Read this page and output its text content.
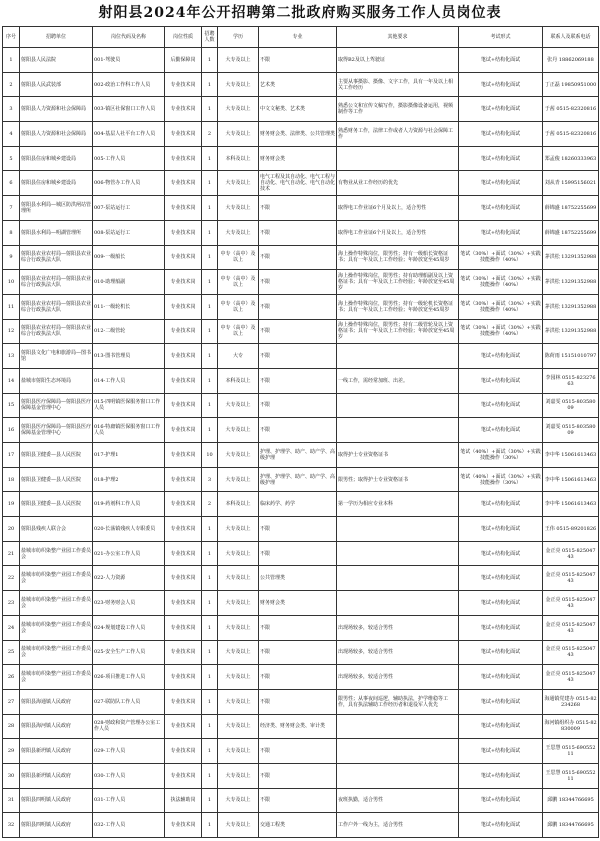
射阳县2024年公开招聘第二批政府购买服务工作人员岗位表
序号	招聘单位	岗位代码及名称	岗位性质	招聘人数	学历	专业	其他要求	考试形式	联系人及联系电话
1	射阳县人民法院	001-驾驶员	后勤保障岗	1	大专及以上	不限	取得B2及以上驾驶证	笔试+结构化面试	张丹 18862069188
2	射阳县人民武装部	002-政治工作科工作人员	专业技术岗	1	大专及以上	艺术类	主要从事摄影、摄像、文字工作，具有一年及以上相关工作经历	笔试+结构化面试	丁正磊 19850951000
3	射阳县人力资源和社会保障局	003-镇区社保窗口工作人员	专业技术岗	1	大专及以上	中文文秘类、艺术类	熟悉公文和宣传文稿写作，摄影摄像设备运用，视频制作等工作	笔试+结构化面试	于茜 0515-82320816
4	射阳县人力资源和社会保障局	004-基层人社平台工作人员	专业技术岗	2	大专及以上	财务财会类、法律类、公共管理类	熟悉财务工作，法律工作或者人力资源与社会保障工作	笔试+结构化面试	于茜 0515-82320816
5	射阳县住房和城乡建设局	005-工作人员	专业技术岗	1	本科及以上	财务财会类		笔试+结构化面试	郑孟俊 18260333963
6	射阳县住房和城乡建设局	006-物管办工作人员	专业技术岗	1	大专及以上	电气工程及其自动化、电气工程与自动化、电气自动化、电气自动化技术	有物业从业工作经历的优先	笔试+结构化面试	刘从青 15995156021
7	射阳县水利局—城区防洪闸站管理所	007-泵站运行工	专业技术岗	1	大专及以上	不限	取得电工作业证6个月及以上，适合男性	笔试+结构化面试	薛锦盛 18752255699
8	射阳县水利局—明湖管理所	008-泵站运行工	专业技术岗	1	大专及以上	不限	取得电工作业证6个月及以上，适合男性	笔试+结构化面试	薛锦盛 18752255699
9	射阳县农业农村局—射阳县农业综合行政执法大队	009-一级船长	专业技术岗	1	中专（高中）及以上	不限	海上操作特殊岗位，限男性；持有一级船长资格证书；具有一年及以上工作经验；年龄放宽至45周岁	笔试（30%）+面试（30%）+实践技能操作（40%）	茅洪松 13291352988
10	射阳县农业农村局—射阳县农业综合行政执法大队	010-助理船副	专业技术岗	1	中专（高中）及以上	不限	海上操作特殊岗位，限男性；持有助理船副及以上资格证书；具有一年及以上工作经验；年龄放宽至45周岁	笔试（30%）+面试（30%）+实践技能操作（40%）	茅洪松 13291352988
11	射阳县农业农村局—射阳县农业综合行政执法大队	011-一级轮机长	专业技术岗	1	中专（高中）及以上	不限	海上操作特殊岗位，限男性；持有一级轮机长资格证书；具有一年及以上工作经验；年龄放宽至45周岁	笔试（30%）+面试（30%）+实践技能操作（40%）	茅洪松 13291352988
12	射阳县农业农村局—射阳县农业综合行政执法大队	012-二级管轮	专业技术岗	1	中专（高中）及以上	不限	海上操作特殊岗位，限男性；持有二级管轮及以上资格证书；具有一年及以上工作经验；年龄放宽至45周岁	笔试（30%）+面试（30%）+实践技能操作（40%）	茅洪松 13291352988
13	射阳县文化广电和旅游局—图书馆	013-图书管理员	专业技术岗	1	大专	不限		笔试+结构化面试	陈荷雨 15151010797
14	盐城市射阳生态环境局	014-工作人员	专业技术岗	1	本科及以上	不限	一线工作，需经常加班、出差。	笔试+结构化面试	李园林 0515-82327663
15	射阳县医疗保障局—射阳县医疗保障基金管理中心	015-四明镇医保服务窗口工作人员	专业技术岗	1	大专及以上	不限		笔试+结构化面试	刘嘉雯 0515-80358009
16	射阳县医疗保障局—射阳县医疗保障基金管理中心	016-特庸镇医保服务窗口工作人员	专业技术岗	1	大专及以上	不限		笔试+结构化面试	刘嘉雯 0515-80358009
17	射阳县卫健委—县人民医院	017-护理1	专业技术岗	10	大专及以上	护理、护理学、助产、助产学、高级护理	取得护士专业资格证书	笔试（40%）+面试（30%）+实践技能操作（30%）	李中华 15061613463
18	射阳县卫健委—县人民医院	018-护理2	专业技术岗	3	大专及以上	护理、护理学、助产、助产学、高级护理	限男性；取得护士专业资格证书	笔试（40%）+面试（30%）+实践技能操作（30%）	李中华 15061613463
19	射阳县卫健委—县人民医院	019-药剂科工作人员	专业技术岗	2	本科及以上	临床药学、药学	第一学历为相应专业本科	笔试+结构化面试	李中华 15061613463
20	射阳县残疾人联合会	020-长荡镇残疾人专职委员	专业技术岗	1	大专及以上	不限		笔试+结构化面试	王伟 0515-89201826
21	盐城市纺织染整产业园工作委员会	021-办公室工作人员	专业技术岗	1	大专及以上	不限		笔试+结构化面试	金正亮 0515-82504743
22	盐城市纺织染整产业园工作委员会	022-人力资源	专业技术岗	1	大专及以上	公共管理类		笔试+结构化面试	金正亮 0515-82504743
23	盐城市纺织染整产业园工作委员会	023-财务财会人员	专业技术岗	1	大专及以上	财务财会类		笔试+结构化面试	金正亮 0515-82504743
24	盐城市纺织染整产业园工作委员会	024-规划建设工作人员	专业技术岗	1	大专及以上	不限	出现场较多，较适合男性	笔试+结构化面试	金正亮 0515-82504743
25	盐城市纺织染整产业园工作委员会	025-安全生产工作人员	专业技术岗	1	大专及以上	不限	出现场较多，较适合男性	笔试+结构化面试	金正亮 0515-82504743
26	盐城市纺织染整产业园工作委员会	026-项目推进工作人员	专业技术岗	1	大专及以上	不限	出现场较多，较适合男性	笔试+结构化面试	金正亮 0515-82504743
27	射阳县海通镇人民政府	027-联防队工作人员	专业技术岗	1	大专及以上	不限	限男性；从事夜间巡逻，辅助执法，护学维稳等工作，具有执法辅助工作经历者和退役军人优先	笔试+结构化面试	海通镇党建办 0515-82234268
28	射阳县海河镇人民政府	028-财政和资产管理办公室工作人员	专业技术岗	1	大专及以上	经济类、财务财会类、审计类		笔试+结构化面试	海河镇组织办 0515-82830009
29	射阳县新坍镇人民政府	029-工作人员	专业技术岗	1	大专及以上	不限		笔试+结构化面试	王思慧 0515-69055211
30	射阳县新坍镇人民政府	030-工作人员	专业技术岗	1	大专及以上	不限		笔试+结构化面试	王思慧 0515-69055211
31	射阳县四明镇人民政府	031-工作人员	执法辅助岗	1	大专及以上	不限	夜班执勤，适合男性	笔试+结构化面试	邱鹏 18344766695
32	射阳县四明镇人民政府	032-工作人员	专业技术岗	1	大专及以上	交通工程类	工作户外一线为主，适合男性	笔试+结构化面试	邱鹏 18344766695
